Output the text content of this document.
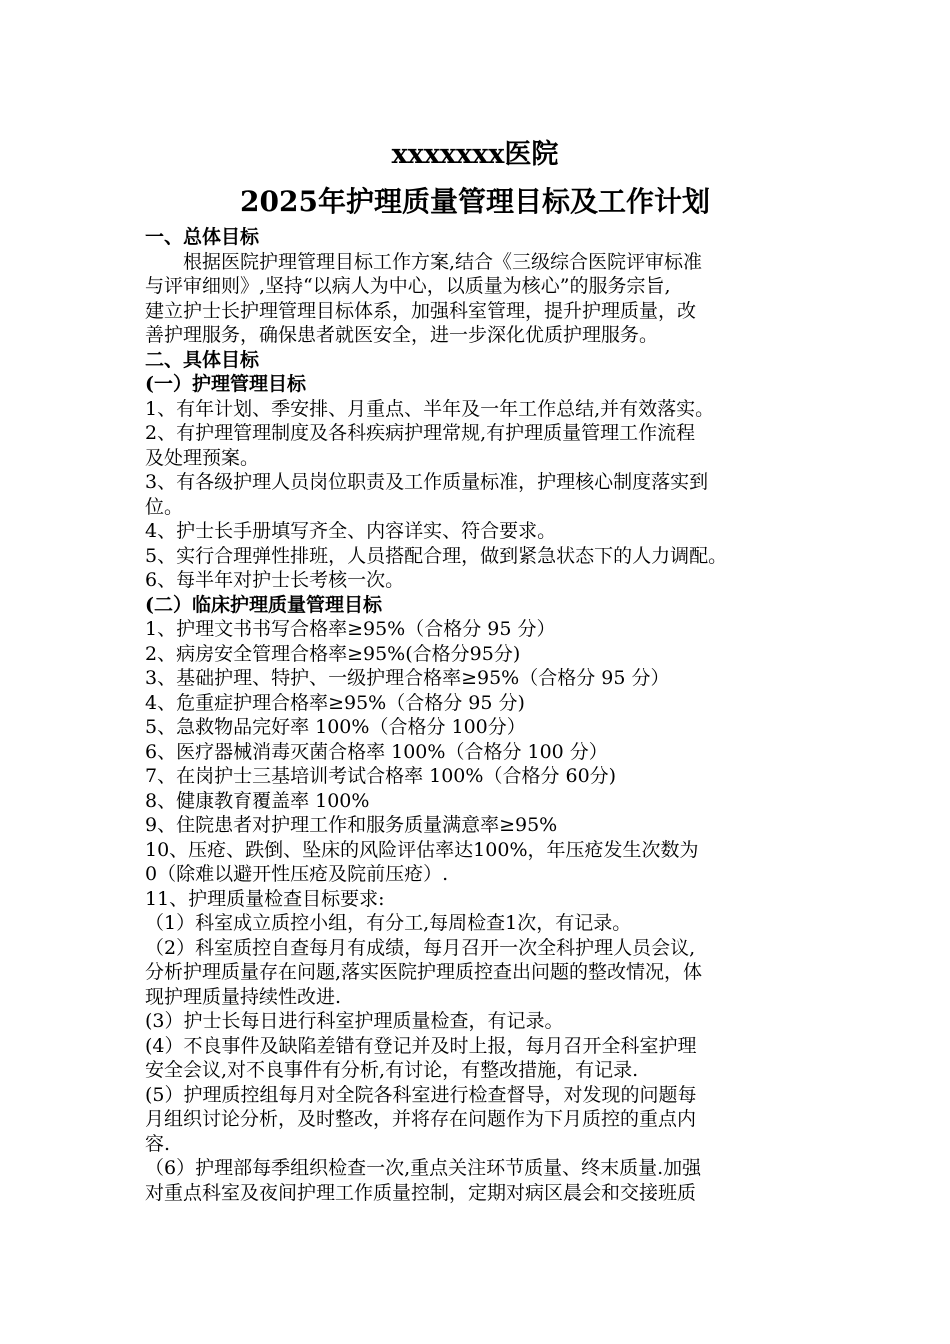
xxxxxxx医院
2025年护理质量管理目标及工作计划
一、总体目标
根据医院护理管理目标工作方案,结合《三级综合医院评审标准
与评审细则》,坚持“以病人为中心，以质量为核心”的服务宗旨,
建立护士长护理管理目标体系，加强科室管理，提升护理质量，改
善护理服务，确保患者就医安全，进一步深化优质护理服务。
二、具体目标
(一）护理管理目标
1、有年计划、季安排、月重点、半年及一年工作总结,并有效落实。
2、有护理管理制度及各科疾病护理常规,有护理质量管理工作流程
及处理预案。
3、有各级护理人员岗位职责及工作质量标准，护理核心制度落实到
位。
4、护士长手册填写齐全、内容详实、符合要求。
5、实行合理弹性排班，人员搭配合理，做到紧急状态下的人力调配。
6、每半年对护士长考核一次。
(二）临床护理质量管理目标
1、护理文书书写合格率≥95%（合格分 95 分）
2、病房安全管理合格率≥95%(合格分95分)
3、基础护理、特护、一级护理合格率≥95%（合格分 95 分）
4、危重症护理合格率≥95%（合格分 95 分)
5、急救物品完好率 100%（合格分 100分）
6、医疗器械消毒灭菌合格率 100%（合格分 100 分）
7、在岗护士三基培训考试合格率 100%（合格分 60分)
8、健康教育覆盖率 100%
9、住院患者对护理工作和服务质量满意率≥95%
10、压疮、跌倒、坠床的风险评估率达100%，年压疮发生次数为
0（除难以避开性压疮及院前压疮）.
11、护理质量检查目标要求:
（1）科室成立质控小组，有分工,每周检查1次，有记录。
（2）科室质控自查每月有成绩，每月召开一次全科护理人员会议,
分析护理质量存在问题,落实医院护理质控查出问题的整改情况，体
现护理质量持续性改进.
(3）护士长每日进行科室护理质量检查，有记录。
(4）不良事件及缺陷差错有登记并及时上报，每月召开全科室护理
安全会议,对不良事件有分析,有讨论，有整改措施，有记录.
(5）护理质控组每月对全院各科室进行检查督导，对发现的问题每
月组织讨论分析，及时整改，并将存在问题作为下月质控的重点内
容.
（6）护理部每季组织检查一次,重点关注环节质量、终末质量.加强
对重点科室及夜间护理工作质量控制，定期对病区晨会和交接班质
